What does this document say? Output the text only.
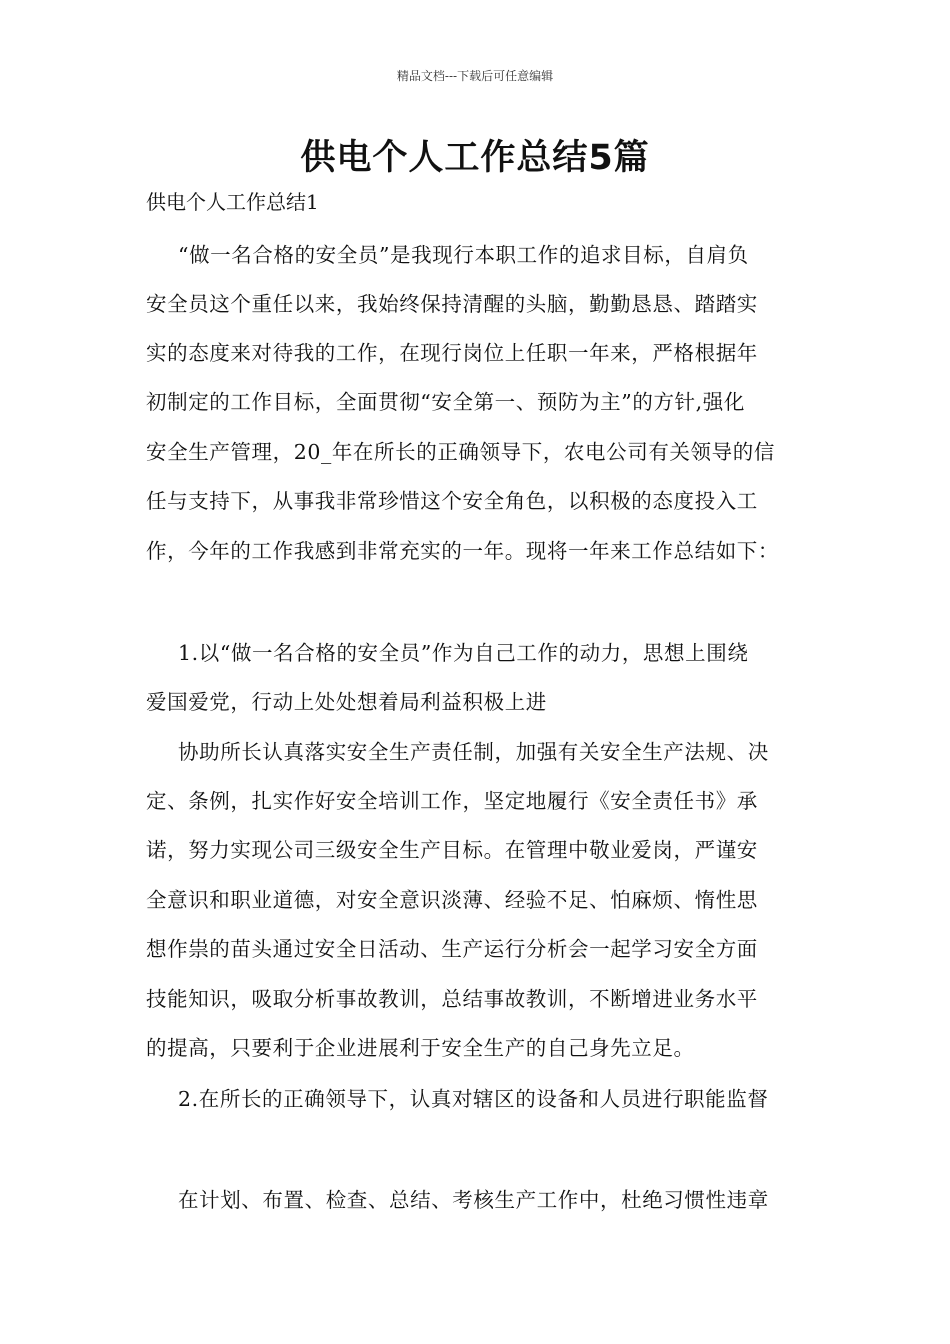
精品文档---下载后可任意编辑
供电个人工作总结5篇
供电个人工作总结1
“做一名合格的安全员”是我现行本职工作的追求目标，自肩负
安全员这个重任以来，我始终保持清醒的头脑，勤勤恳恳、踏踏实
实的态度来对待我的工作，在现行岗位上任职一年来，严格根据年
初制定的工作目标，全面贯彻“安全第一、预防为主”的方针,强化
安全生产管理，20_年在所长的正确领导下，农电公司有关领导的信
任与支持下，从事我非常珍惜这个安全角色，以积极的态度投入工
作，今年的工作我感到非常充实的一年。现将一年来工作总结如下：
1.以“做一名合格的安全员”作为自己工作的动力，思想上围绕
爱国爱党，行动上处处想着局利益积极上进
协助所长认真落实安全生产责任制，加强有关安全生产法规、决
定、条例，扎实作好安全培训工作，坚定地履行《安全责任书》承
诺，努力实现公司三级安全生产目标。在管理中敬业爱岗，严谨安
全意识和职业道德，对安全意识淡薄、经验不足、怕麻烦、惰性思
想作祟的苗头通过安全日活动、生产运行分析会一起学习安全方面
技能知识，吸取分析事故教训，总结事故教训，不断增进业务水平
的提高，只要利于企业进展利于安全生产的自己身先立足。
2.在所长的正确领导下，认真对辖区的设备和人员进行职能监督
在计划、布置、检查、总结、考核生产工作中，杜绝习惯性违章
